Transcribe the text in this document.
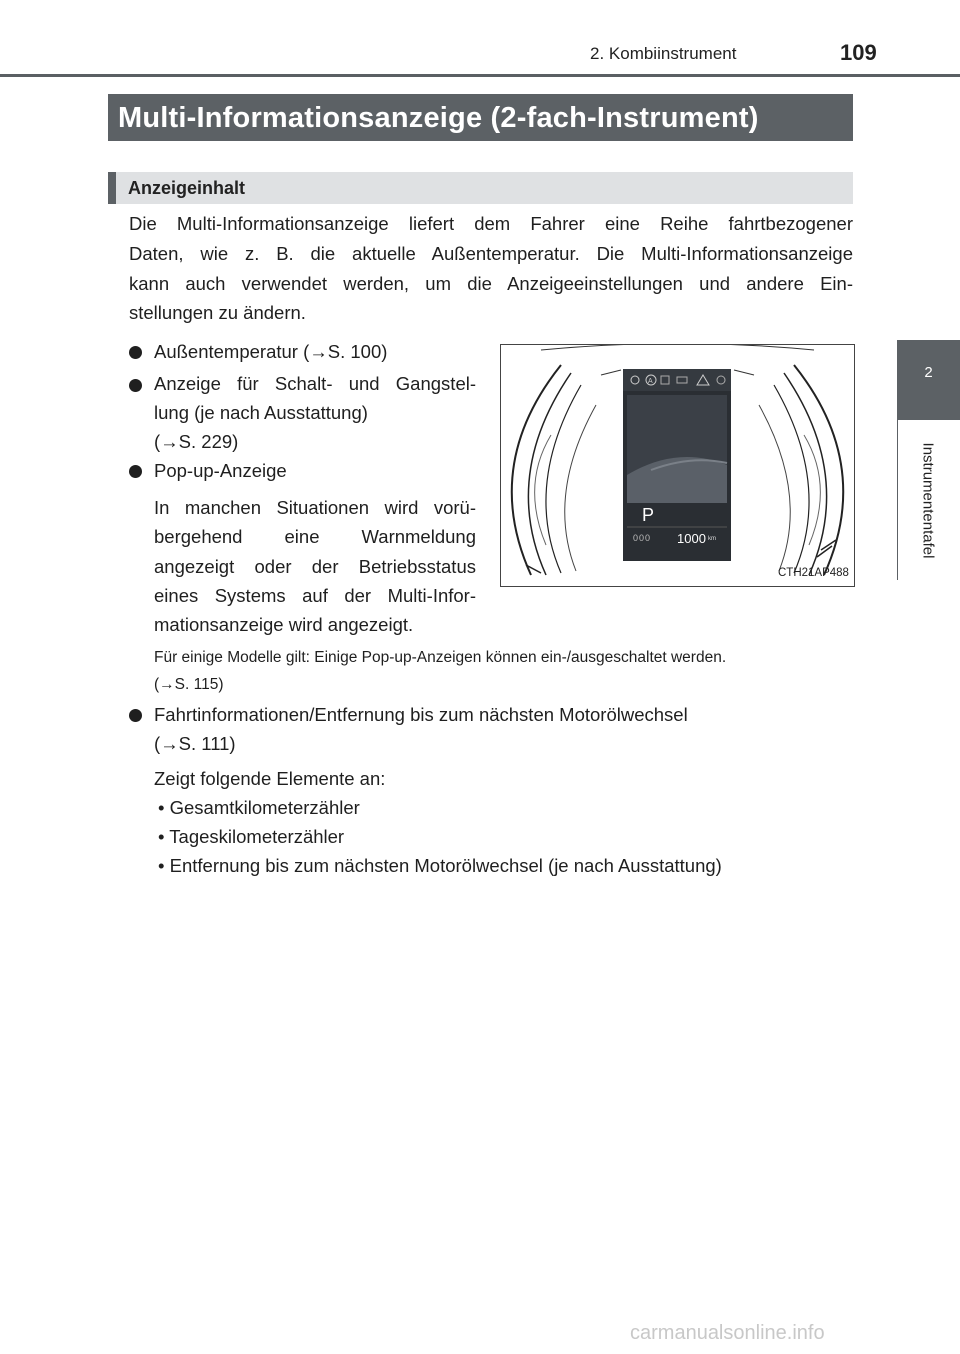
2. Kombiinstrument	109
2
Instrumententafel
Multi-Informationsanzeige (2-fach-Instrument)
Anzeigeinhalt
Die Multi-Informationsanzeige liefert dem Fahrer eine Reihe fahrtbezogener
Daten, wie z. B. die aktuelle Außentemperatur. Die Multi-Informationsanzeige
kann auch verwendet werden, um die Anzeigeeinstellungen und andere Ein-
stellungen zu ändern.
Außentemperatur (→S. 100)
Anzeige für Schalt- und Gangstel-
lung (je nach Ausstattung)
(→S. 229)
Pop-up-Anzeige
In manchen Situationen wird vorü-
bergehend eine Warnmeldung
angezeigt oder der Betriebsstatus
eines Systems auf der Multi-Infor-
mationsanzeige wird angezeigt.
Für einige Modelle gilt: Einige Pop-up-Anzeigen können ein-/ausgeschaltet werden.
(→S. 115)
Fahrtinformationen/Entfernung bis zum nächsten Motorölwechsel
(→S. 111)
Zeigt folgende Elemente an:
• Gesamtkilometerzähler
• Tageskilometerzähler
• Entfernung bis zum nächsten Motorölwechsel (je nach Ausstattung)
A
P
000 1000 km
CTH21AP488
carmanualsonline.info
